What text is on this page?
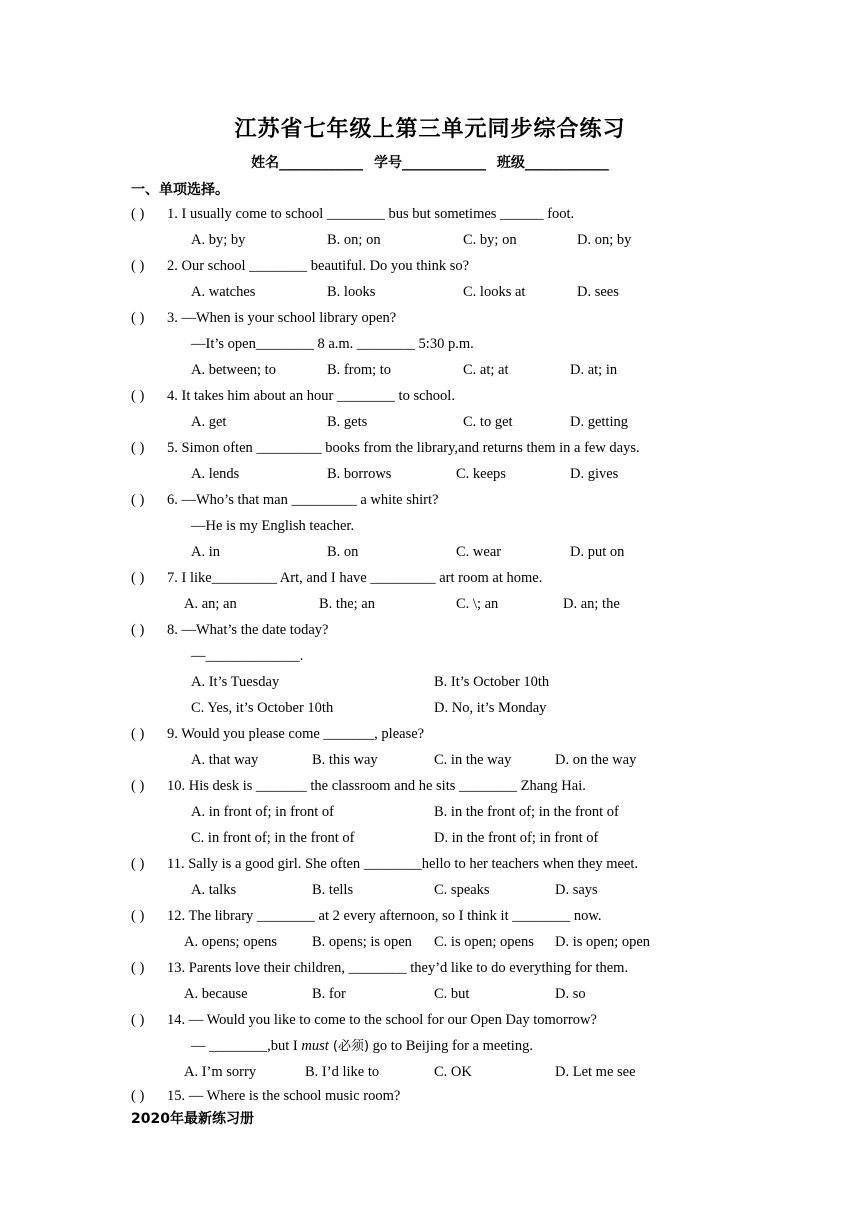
江苏省七年级上第三单元同步综合练习
姓名____________ 学号____________ 班级____________
一、单项选择。
( ) 1. I usually come to school ________ bus but sometimes ______ foot.
A. by; by	B. on; on	C. by; on	D. on; by
( ) 2. Our school ________ beautiful. Do you think so?
A. watches	B. looks	C. looks at	D. sees
( ) 3. —When is your school library open?
—It’s open________ 8 a.m. ________ 5:30 p.m.
A. between; to	B. from; to	C. at; at	D. at; in
( ) 4. It takes him about an hour ________ to school.
A. get	B. gets	C. to get	D. getting
( ) 5. Simon often _________ books from the library,and returns them in a few days.
A. lends	B. borrows	C. keeps	D. gives
( ) 6. —Who’s that man _________ a white shirt?
—He is my English teacher.
A. in	B. on	C. wear	D. put on
( ) 7. I like_________ Art, and I have _________ art room at home.
A. an; an	B. the; an	C. \; an	D. an; the
( ) 8. —What’s the date today?
—_____________.
A. It’s Tuesday	B. It’s October 10th
C. Yes, it’s October 10th	D. No, it’s Monday
( ) 9. Would you please come _______, please?
A. that way	B. this way	C. in the way	D. on the way
( ) 10. His desk is _______ the classroom and he sits ________ Zhang Hai.
A. in front of; in front of	B. in the front of; in the front of
C. in front of; in the front of	D. in the front of; in front of
( ) 11. Sally is a good girl. She often ________hello to her teachers when they meet.
A. talks	B. tells	C. speaks	D. says
( ) 12. The library ________ at 2 every afternoon, so I think it ________ now.
A. opens; opens B. opens; is open C. is open; opens D. is open; open
( ) 13. Parents love their children, ________ they’d like to do everything for them.
A. because	B. for	C. but	D. so
( ) 14. — Would you like to come to the school for our Open Day tomorrow?
— ________,but I must (必须) go to Beijing for a meeting.
A. I’m sorry	B. I’d like to	C. OK	D. Let me see
( ) 15. — Where is the school music room?
2020年最新练习册
